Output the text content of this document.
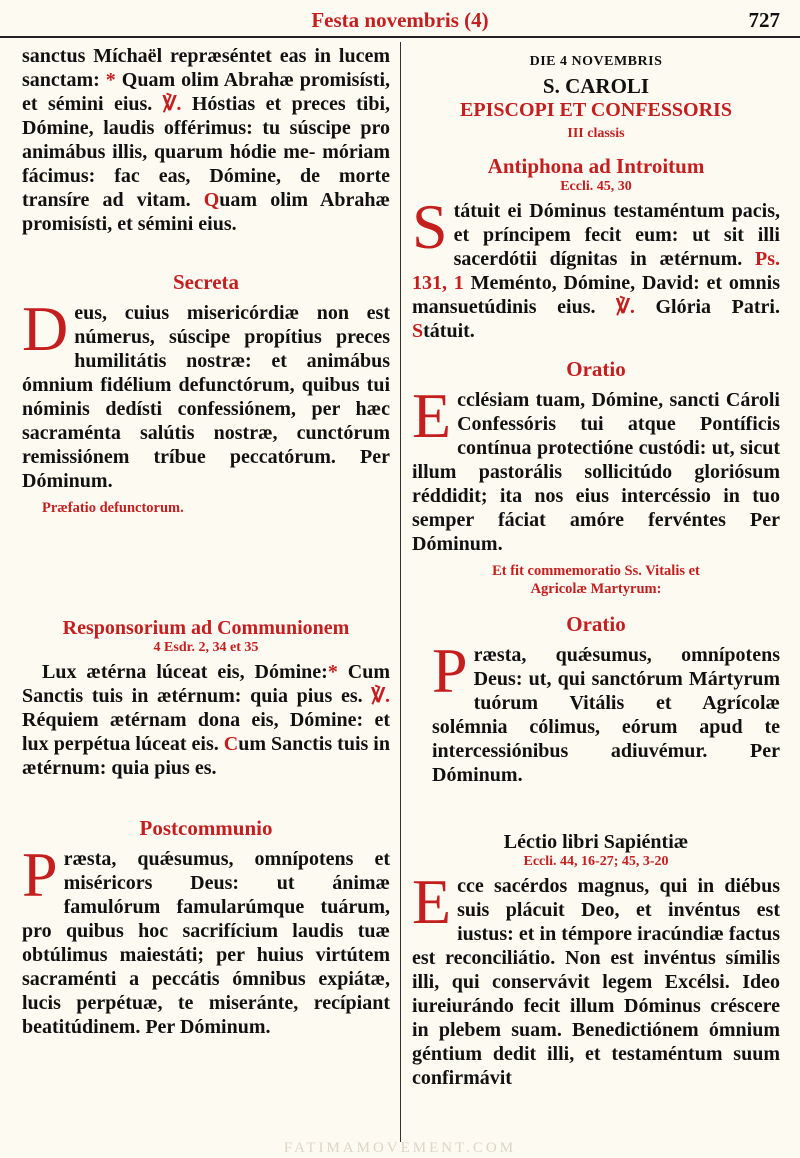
Festa novembris (4)	727

sanctus Míchaël repræséntet eas in lucem sanctam: * Quam olim Abrahæ promisísti, et sémini eius. ℣. Hóstias et preces tibi, Dómine, laudis offérimus: tu súscipe pro animábus illis, quarum hódie me- móriam fácimus: fac eas, Dómine, de morte transíre ad vitam. Quam olim Abrahæ promisísti, et sémini eius.

Secreta

Deus, cuius misericórdiæ non est númerus, súscipe propítius preces humilitátis nostræ: et animábus ómnium fidélium defunctórum, quibus tui nóminis dedísti confessiónem, per hæc sacraménta salútis nostræ, cunctórum remissiónem tríbue peccatórum. Per Dóminum.

Præfatio defunctorum.

Responsorium ad Communionem

4 Esdr. 2, 34 et 35

Lux ætérna lúceat eis, Dómine:* Cum Sanctis tuis in ætérnum: quia pius es. ℣. Réquiem ætérnam dona eis, Dómine: et lux perpétua lúceat eis. Cum Sanctis tuis in ætérnum: quia pius es.

Postcommunio

Præsta, quǽsumus, omnípotens et miséricors Deus: ut ánimæ famulórum famularúmque tuárum, pro quibus hoc sacrifícium laudis tuæ obtúlimus maiestáti; per huius virtútem sacraménti a peccátis ómnibus expiátæ, lucis perpétuæ, te miseránte, recípiant beatitúdinem. Per Dóminum.

DIE 4 NOVEMBRIS

S. CAROLI

EPISCOPI ET CONFESSORIS

III classis

Antiphona ad Introitum

Eccli. 45, 30

Státuit ei Dóminus testaméntum pacis, et príncipem fecit eum: ut sit illi sacerdótii dígnitas in ætérnum. Ps. 131, 1 Meménto, Dómine, David: et omnis mansuetúdinis eius. ℣. Glória Patri. Státuit.

Oratio

Ecclésiam tuam, Dómine, sancti Cároli Confessóris tui atque Pontíficis contínua protectióne custódi: ut, sicut illum pastorális sollicitúdo gloriósum réddidit; ita nos eius intercéssio in tuo semper fáciat amóre fervéntes Per Dóminum.

Et fit commemoratio Ss. Vitalis et
Agricolæ Martyrum:

Oratio

Præsta, quǽsumus, omnípotens Deus: ut, qui sanctórum Mártyrum tuórum Vitális et Agrícolæ solémnia cólimus, eórum apud te intercessiónibus adiuvémur. Per Dóminum.

Léctio libri Sapiéntiæ

Eccli. 44, 16-27; 45, 3-20

Ecce sacérdos magnus, qui in diébus suis plácuit Deo, et invéntus est iustus: et in témpore iracúndiæ factus est reconciliátio. Non est invéntus símilis illi, qui conservávit legem Excélsi. Ideo iureiurándo fecit illum Dóminus créscere in plebem suam. Benedictiónem ómnium géntium dedit illi, et testaméntum suum confirmávit

FATIMAMOVEMENT.COM
